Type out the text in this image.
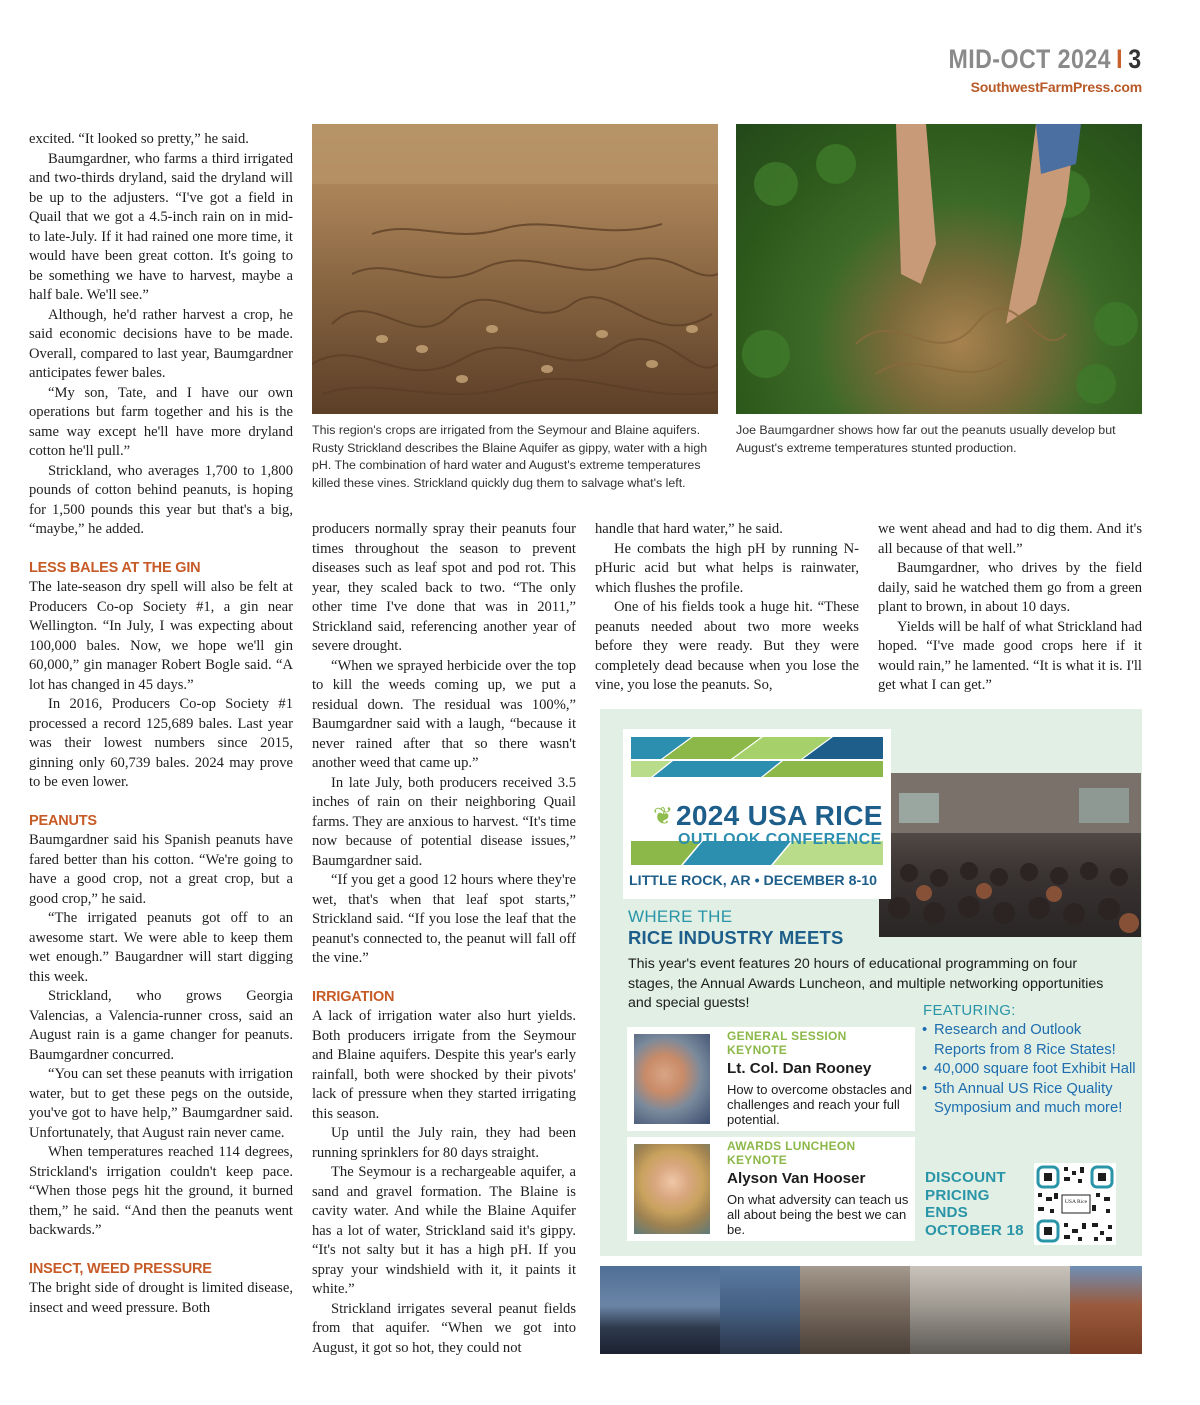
MID-OCT 2024 I 3
SouthwestFarmPress.com
This region's crops are irrigated from the Seymour and Blaine aquifers. Rusty Strickland describes the Blaine Aquifer as gippy, water with a high pH. The combination of hard water and August's extreme temperatures killed these vines. Strickland quickly dug them to salvage what's left.
Joe Baumgardner shows how far out the peanuts usually develop but August's extreme temperatures stunted production.

excited. “It looked so pretty,” he said.

Baumgardner, who farms a third irrigated and two-thirds dryland, said the dryland will be up to the adjusters. “I've got a field in Quail that we got a 4.5-inch rain on in mid- to late-July. If it had rained one more time, it would have been great cotton. It's going to be something we have to harvest, maybe a half bale. We'll see.”

Although, he'd rather harvest a crop, he said economic decisions have to be made. Overall, compared to last year, Baumgardner anticipates fewer bales.

“My son, Tate, and I have our own operations but farm together and his is the same way except he'll have more dryland cotton he'll pull.”

Strickland, who averages 1,700 to 1,800 pounds of cotton behind peanuts, is hoping for 1,500 pounds this year but that's a big, “maybe,” he added.

LESS BALES AT THE GIN

The late-season dry spell will also be felt at Producers Co-op Society #1, a gin near Wellington. “In July, I was expecting about 100,000 bales. Now, we hope we'll gin 60,000,” gin manager Robert Bogle said. “A lot has changed in 45 days.”

In 2016, Producers Co-op Society #1 processed a record 125,689 bales. Last year was their lowest numbers since 2015, ginning only 60,739 bales. 2024 may prove to be even lower.

PEANUTS

Baumgardner said his Spanish peanuts have fared better than his cotton. “We're going to have a good crop, not a great crop, but a good crop,” he said.

“The irrigated peanuts got off to an awesome start. We were able to keep them wet enough.” Baugardner will start digging this week.

Strickland, who grows Georgia Valencias, a Valencia-runner cross, said an August rain is a game changer for peanuts. Baumgardner concurred.

“You can set these peanuts with irrigation water, but to get these pegs on the outside, you've got to have help,” Baumgardner said. Unfortunately, that August rain never came.

When temperatures reached 114 degrees, Strickland's irrigation couldn't keep pace. “When those pegs hit the ground, it burned them,” he said. “And then the peanuts went backwards.”

INSECT, WEED PRESSURE

The bright side of drought is limited disease, insect and weed pressure. Both

producers normally spray their peanuts four times throughout the season to prevent diseases such as leaf spot and pod rot. This year, they scaled back to two. “The only other time I've done that was in 2011,” Strickland said, referencing another year of severe drought.

“When we sprayed herbicide over the top to kill the weeds coming up, we put a residual down. The residual was 100%,” Baumgardner said with a laugh, “because it never rained after that so there wasn't another weed that came up.”

In late July, both producers received 3.5 inches of rain on their neighboring Quail farms. They are anxious to harvest. “It's time now because of potential disease issues,” Baumgardner said.

“If you get a good 12 hours where they're wet, that's when that leaf spot starts,” Strickland said. “If you lose the leaf that the peanut's connected to, the peanut will fall off the vine.”

IRRIGATION

A lack of irrigation water also hurt yields. Both producers irrigate from the Seymour and Blaine aquifers. Despite this year's early rainfall, both were shocked by their pivots' lack of pressure when they started irrigating this season.

Up until the July rain, they had been running sprinklers for 80 days straight.

The Seymour is a rechargeable aquifer, a sand and gravel formation. The Blaine is cavity water. And while the Blaine Aquifer has a lot of water, Strickland said it's gippy. “It's not salty but it has a high pH. If you spray your windshield with it, it paints it white.”

Strickland irrigates several peanut fields from that aquifer. “When we got into August, it got so hot, they could not

handle that hard water,” he said.

He combats the high pH by running N-pHuric acid but what helps is rainwater, which flushes the profile.

One of his fields took a huge hit. “These peanuts needed about two more weeks before they were ready. But they were completely dead because when you lose the vine, you lose the peanuts. So,

we went ahead and had to dig them. And it's all because of that well.”

Baumgardner, who drives by the field daily, said he watched them go from a green plant to brown, in about 10 days.

Yields will be half of what Strickland had hoped. “I've made good crops here if it would rain,” he lamented. “It is what it is. I'll get what I can get.”

❦ 2024 USA RICE
OUTLOOK CONFERENCE
LITTLE ROCK, AR • DECEMBER 8-10
WHERE THE
RICE INDUSTRY MEETS
This year's event features 20 hours of educational programming on four stages, the Annual Awards Luncheon, and multiple networking opportunities and special guests!	FEATURING:
• Research and Outlook Reports from 8 Rice States!
• 40,000 square foot Exhibit Hall
• 5th Annual US Rice Quality Symposium and much more!
GENERAL SESSION KEYNOTE
Lt. Col. Dan Rooney
How to overcome obstacles and challenges and reach your full potential.
AWARDS LUNCHEON KEYNOTE
Alyson Van Hooser
On what adversity can teach us all about being the best we can be.
DISCOUNT PRICING ENDS OCTOBER 18
USA Rice
